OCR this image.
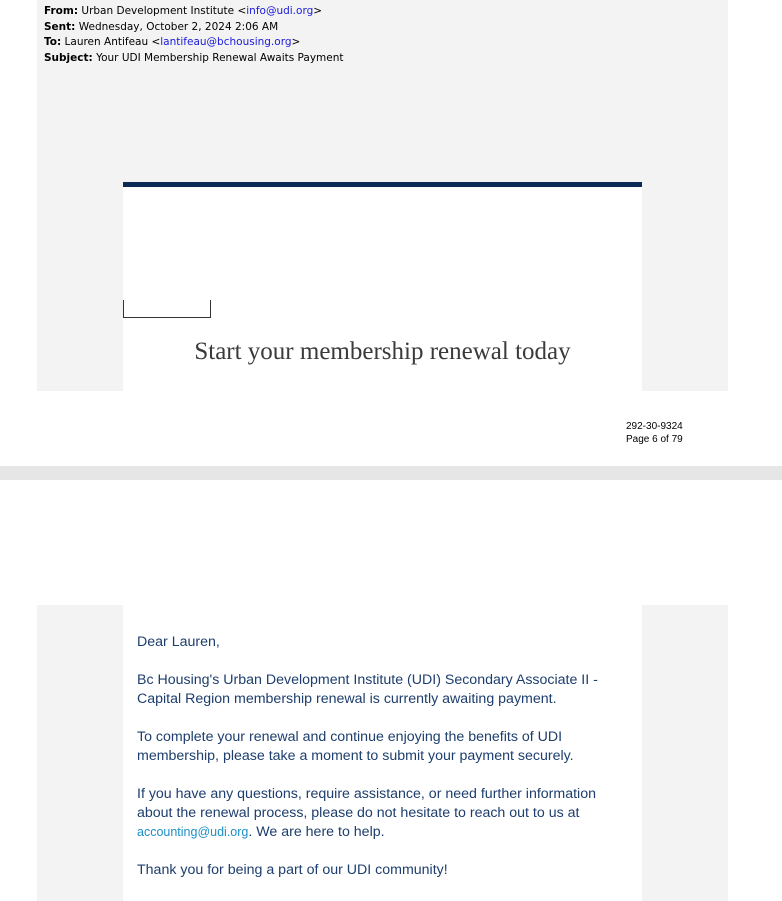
From: Urban Development Institute <info@udi.org>
Sent: Wednesday, October 2, 2024 2:06 AM
To: Lauren Antifeau <lantifeau@bchousing.org>
Subject: Your UDI Membership Renewal Awaits Payment
Start your membership renewal today
292-30-9324
Page 6 of 79

Dear Lauren,

Bc Housing's Urban Development Institute (UDI) Secondary Associate II - Capital Region membership renewal is currently awaiting payment.

To complete your renewal and continue enjoying the benefits of UDI membership, please take a moment to submit your payment securely.

If you have any questions, require assistance, or need further information about the renewal process, please do not hesitate to reach out to us at accounting@udi.org. We are here to help.

Thank you for being a part of our UDI community!
